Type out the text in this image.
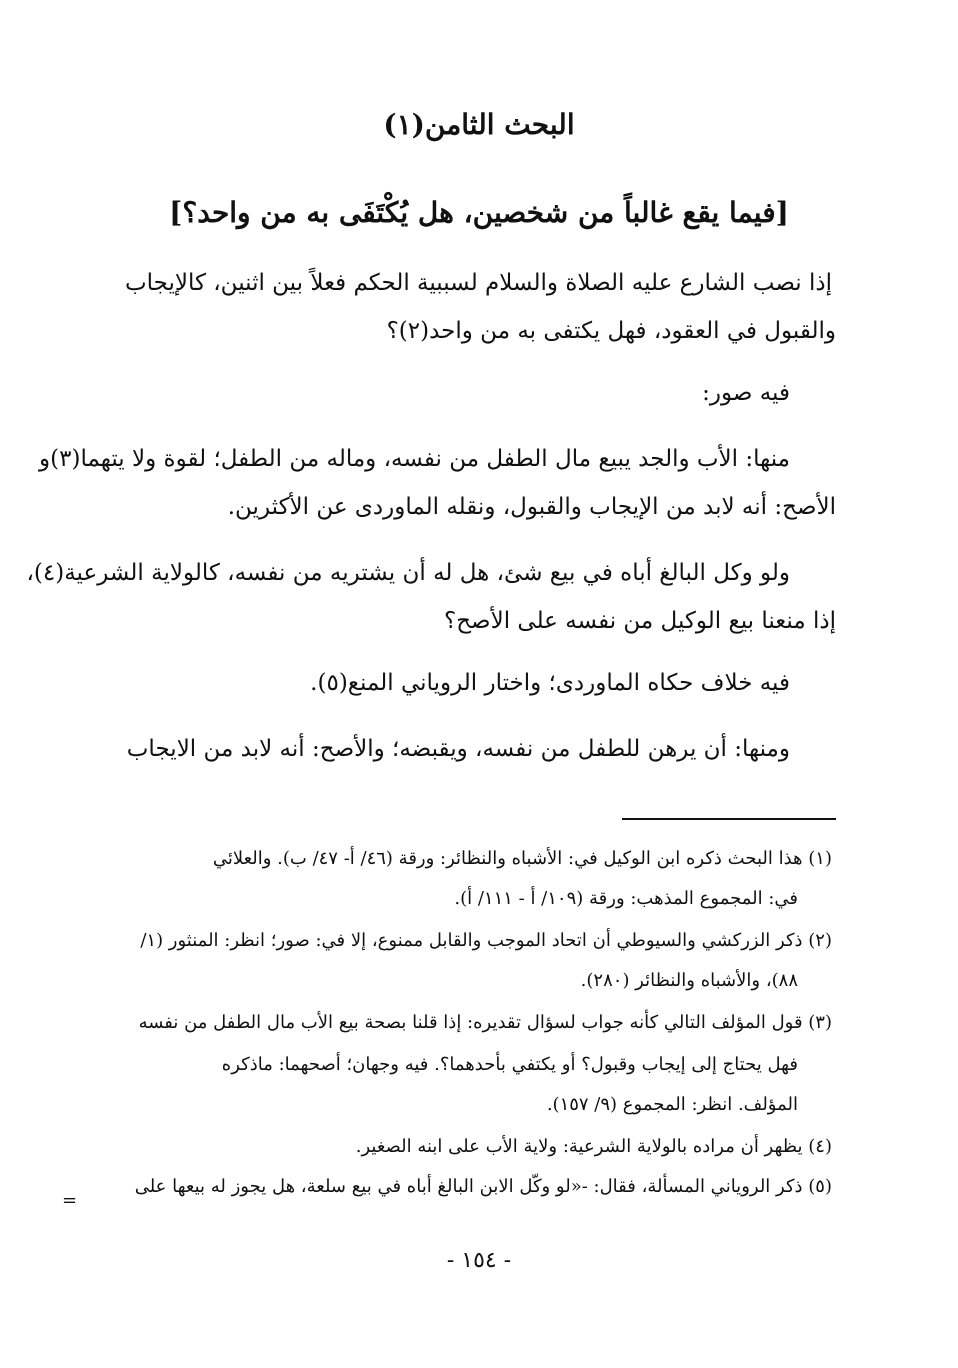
البحث الثامن(١)
[فيما يقع غالباً من شخصين، هل يُكْتَفَى به من واحد؟]
إذا نصب الشارع عليه الصلاة والسلام لسببية الحكم فعلاً بين اثنين، كالإيجاب
والقبول في العقود، فهل يكتفى به من واحد(٢)؟
فيه صور:
منها: الأب والجد يبيع مال الطفل من نفسه، وماله من الطفل؛ لقوة ولا يتهما(٣)و
الأصح: أنه لابد من الإيجاب والقبول، ونقله الماوردى عن الأكثرين.
ولو وكل البالغ أباه في بيع شئ، هل له أن يشتريه من نفسه، كالولاية الشرعية(٤)،
إذا منعنا بيع الوكيل من نفسه على الأصح؟
فيه خلاف حكاه الماوردى؛ واختار الروياني المنع(٥).
ومنها: أن يرهن للطفل من نفسه، ويقبضه؛ والأصح: أنه لابد من الايجاب
(١) هذا البحث ذكره ابن الوكيل في: الأشباه والنظائر: ورقة (٤٦/ أ- ٤٧/ ب). والعلائي
في: المجموع المذهب: ورقة (١٠٩/ أ - ١١١/ أ).
(٢) ذكر الزركشي والسيوطي أن اتحاد الموجب والقابل ممنوع، إلا في: صور؛ انظر: المنثور (١/
٨٨)، والأشباه والنظائر (٢٨٠).
(٣) قول المؤلف التالي كأنه جواب لسؤال تقديره: إذا قلنا بصحة بيع الأب مال الطفل من نفسه
فهل يحتاج إلى إيجاب وقبول؟ أو يكتفي بأحدهما؟. فيه وجهان؛ أصحهما: ماذكره
المؤلف. انظر: المجموع (٩/ ١٥٧).
(٤) يظهر أن مراده بالولاية الشرعية: ولاية الأب على ابنه الصغير.
(٥) ذكر الروياني المسألة، فقال: -«لو وكّل الابن البالغ أباه في بيع سلعة، هل يجوز له بيعها على
=
- ١٥٤ -
